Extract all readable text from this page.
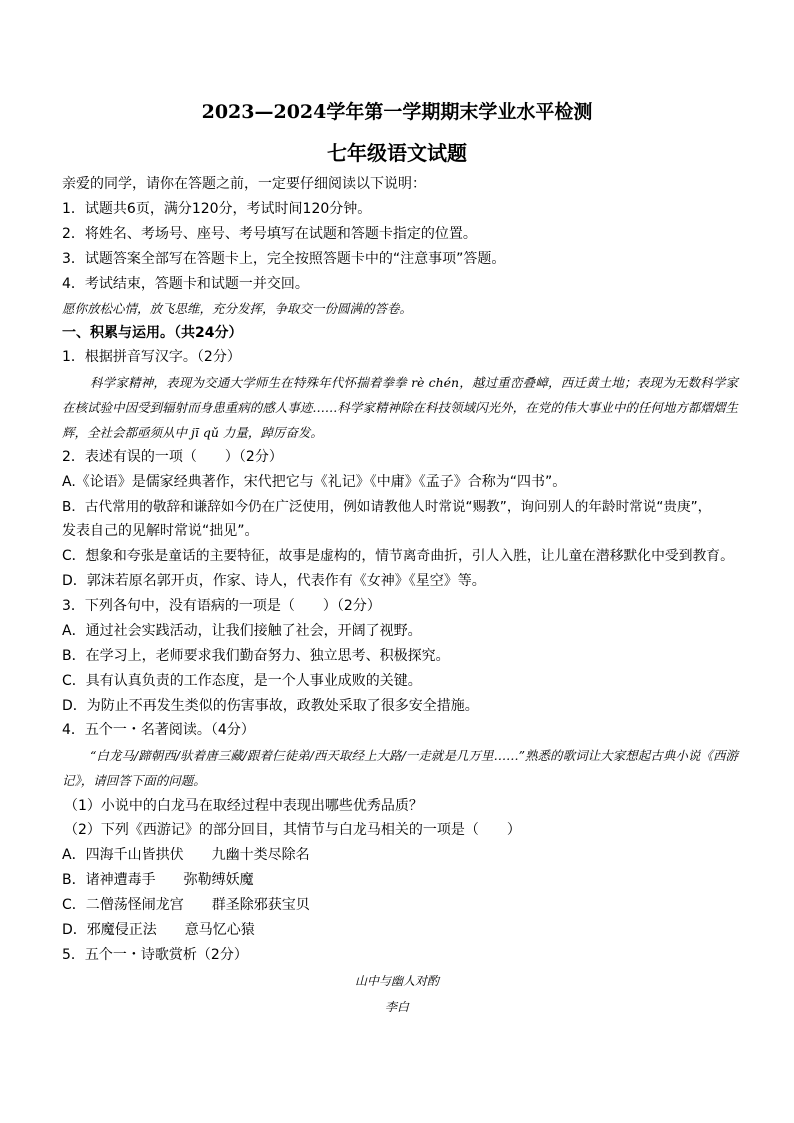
2023—2024学年第一学期期末学业水平检测
七年级语文试题
亲爱的同学，请你在答题之前，一定要仔细阅读以下说明：
1．试题共6页，满分120分，考试时间120分钟。
2．将姓名、考场号、座号、考号填写在试题和答题卡指定的位置。
3．试题答案全部写在答题卡上，完全按照答题卡中的“注意事项”答题。
4．考试结束，答题卡和试题一并交回。
愿你放松心情，放飞思维，充分发挥，争取交一份圆满的答卷。
一、积累与运用。（共24分）
1．根据拼音写汉字。（2分）
科学家精神，表现为交通大学师生在特殊年代怀揣着拳拳 rè chén，越过重峦叠嶂，西迁黄土地；表现为无数科学家在核试验中因受到辐射而身患重病的感人事迹……科学家精神除在科技领域闪光外，在党的伟大事业中的任何地方都熠熠生辉，全社会都亟须从中 jī qǔ 力量，踔厉奋发。
2．表述有误的一项（　　）（2分）
A.《论语》是儒家经典著作，宋代把它与《礼记》《中庸》《孟子》合称为“四书”。
B．古代常用的敬辞和谦辞如今仍在广泛使用，例如请教他人时常说“赐教”，询问别人的年龄时常说“贵庚”，
发表自己的见解时常说“拙见”。
C．想象和夸张是童话的主要特征，故事是虚构的，情节离奇曲折，引人入胜，让儿童在潜移默化中受到教育。
D．郭沫若原名郭开贞，作家、诗人，代表作有《女神》《星空》等。
3．下列各句中，没有语病的一项是（　　）（2分）
A．通过社会实践活动，让我们接触了社会，开阔了视野。
B．在学习上，老师要求我们勤奋努力、独立思考、积极探究。
C．具有认真负责的工作态度，是一个人事业成败的关键。
D．为防止不再发生类似的伤害事故，政教处采取了很多安全措施。
4．五个一・名著阅读。（4分）
“白龙马/蹄朝西/驮着唐三藏/跟着仨徒弟/西天取经上大路/一走就是几万里……”熟悉的歌词让大家想起古典小说《西游记》，请回答下面的问题。
（1）小说中的白龙马在取经过程中表现出哪些优秀品质？
（2）下列《西游记》的部分回目，其情节与白龙马相关的一项是（　　）
A．四海千山皆拱伏　　九幽十类尽除名
B．诸神遭毒手　　弥勒缚妖魔
C．二僧荡怪闹龙宫　　群圣除邪获宝贝
D．邪魔侵正法　　意马忆心猿
5．五个一・诗歌赏析（2分）
山中与幽人对酌
李白
